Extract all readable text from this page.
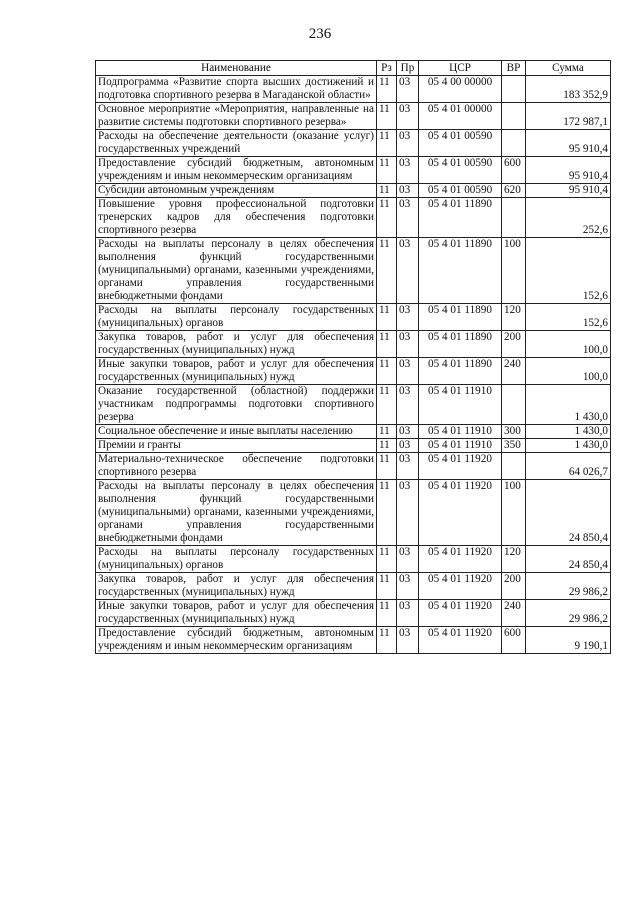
236
Наименование	Рз	Пр	ЦСР	ВР	Сумма
Подпрограмма «Развитие спорта высших достижений и подготовка спортивного резерва в Магаданской области»	11	03	05 4 00 00000		183 352,9
Основное мероприятие «Мероприятия, направленные на развитие системы подготовки спортивного резерва»	11	03	05 4 01 00000		172 987,1
Расходы на обеспечение деятельности (оказание услуг) государственных учреждений	11	03	05 4 01 00590		95 910,4
Предоставление субсидий бюджетным, автономным учреждениям и иным некоммерческим организациям	11	03	05 4 01 00590	600	95 910,4
Субсидии автономным учреждениям	11	03	05 4 01 00590	620	95 910,4
Повышение уровня профессиональной подготовки тренерских кадров для обеспечения подготовки спортивного резерва	11	03	05 4 01 11890		252,6
Расходы на выплаты персоналу в целях обеспечения выполнения функций государственными (муниципальными) органами, казенными учреждениями, органами управления государственными внебюджетными фондами	11	03	05 4 01 11890	100	152,6
Расходы на выплаты персоналу государственных (муниципальных) органов	11	03	05 4 01 11890	120	152,6
Закупка товаров, работ и услуг для обеспечения государственных (муниципальных) нужд	11	03	05 4 01 11890	200	100,0
Иные закупки товаров, работ и услуг для обеспечения государственных (муниципальных) нужд	11	03	05 4 01 11890	240	100,0
Оказание государственной (областной) поддержки участникам подпрограммы подготовки спортивного резерва	11	03	05 4 01 11910		1 430,0
Социальное обеспечение и иные выплаты населению	11	03	05 4 01 11910	300	1 430,0
Премии и гранты	11	03	05 4 01 11910	350	1 430,0
Материально-техническое обеспечение подготовки спортивного резерва	11	03	05 4 01 11920		64 026,7
Расходы на выплаты персоналу в целях обеспечения выполнения функций государственными (муниципальными) органами, казенными учреждениями, органами управления государственными внебюджетными фондами	11	03	05 4 01 11920	100	24 850,4
Расходы на выплаты персоналу государственных (муниципальных) органов	11	03	05 4 01 11920	120	24 850,4
Закупка товаров, работ и услуг для обеспечения государственных (муниципальных) нужд	11	03	05 4 01 11920	200	29 986,2
Иные закупки товаров, работ и услуг для обеспечения государственных (муниципальных) нужд	11	03	05 4 01 11920	240	29 986,2
Предоставление субсидий бюджетным, автономным учреждениям и иным некоммерческим организациям	11	03	05 4 01 11920	600	9 190,1
